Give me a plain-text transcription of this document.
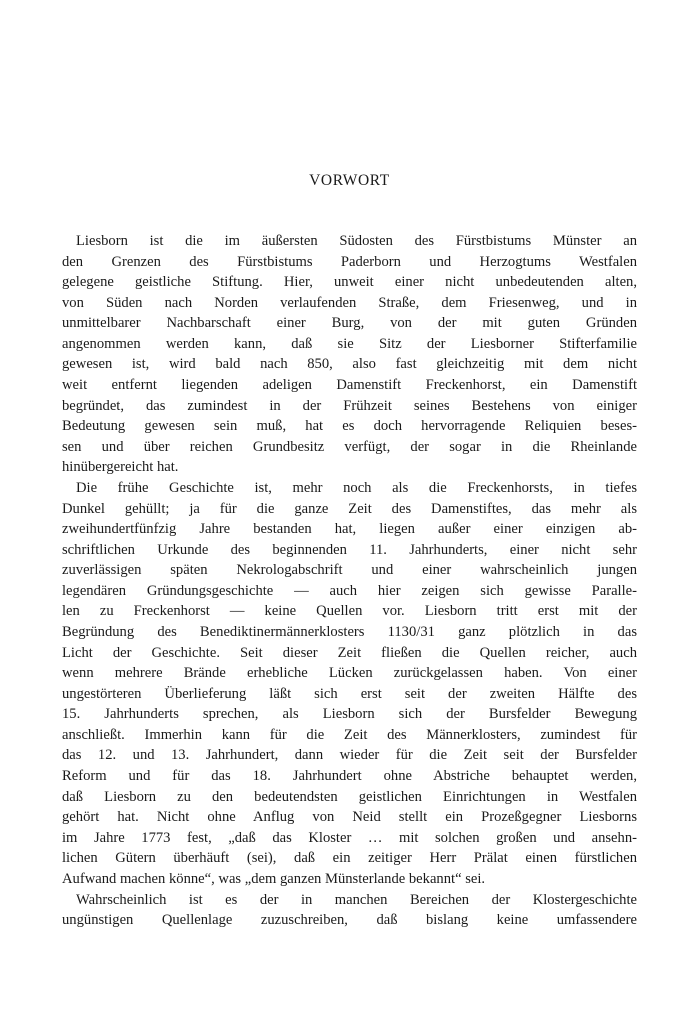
VORWORT
Liesborn ist die im äußersten Südosten des Fürstbistums Münster an
den Grenzen des Fürstbistums Paderborn und Herzogtums Westfalen
gelegene geistliche Stiftung. Hier, unweit einer nicht unbedeutenden alten,
von Süden nach Norden verlaufenden Straße, dem Friesenweg, und in
unmittelbarer Nachbarschaft einer Burg, von der mit guten Gründen
angenommen werden kann, daß sie Sitz der Liesborner Stifterfamilie
gewesen ist, wird bald nach 850, also fast gleichzeitig mit dem nicht
weit entfernt liegenden adeligen Damenstift Freckenhorst, ein Damenstift
begründet, das zumindest in der Frühzeit seines Bestehens von einiger
Bedeutung gewesen sein muß, hat es doch hervorragende Reliquien beses-
sen und über reichen Grundbesitz verfügt, der sogar in die Rheinlande
hinübergereicht hat.
Die frühe Geschichte ist, mehr noch als die Freckenhorsts, in tiefes
Dunkel gehüllt; ja für die ganze Zeit des Damenstiftes, das mehr als
zweihundertfünfzig Jahre bestanden hat, liegen außer einer einzigen ab-
schriftlichen Urkunde des beginnenden 11. Jahrhunderts, einer nicht sehr
zuverlässigen späten Nekrologabschrift und einer wahrscheinlich jungen
legendären Gründungsgeschichte — auch hier zeigen sich gewisse Paralle-
len zu Freckenhorst — keine Quellen vor. Liesborn tritt erst mit der
Begründung des Benediktinermännerklosters 1130/31 ganz plötzlich in das
Licht der Geschichte. Seit dieser Zeit fließen die Quellen reicher, auch
wenn mehrere Brände erhebliche Lücken zurückgelassen haben. Von einer
ungestörteren Überlieferung läßt sich erst seit der zweiten Hälfte des
15. Jahrhunderts sprechen, als Liesborn sich der Bursfelder Bewegung
anschließt. Immerhin kann für die Zeit des Männerklosters, zumindest für
das 12. und 13. Jahrhundert, dann wieder für die Zeit seit der Bursfelder
Reform und für das 18. Jahrhundert ohne Abstriche behauptet werden,
daß Liesborn zu den bedeutendsten geistlichen Einrichtungen in Westfalen
gehört hat. Nicht ohne Anflug von Neid stellt ein Prozeßgegner Liesborns
im Jahre 1773 fest, „daß das Kloster … mit solchen großen und ansehn-
lichen Gütern überhäuft (sei), daß ein zeitiger Herr Prälat einen fürstlichen
Aufwand machen könne“, was „dem ganzen Münsterlande bekannt“ sei.
Wahrscheinlich ist es der in manchen Bereichen der Klostergeschichte
ungünstigen Quellenlage zuzuschreiben, daß bislang keine umfassendere
